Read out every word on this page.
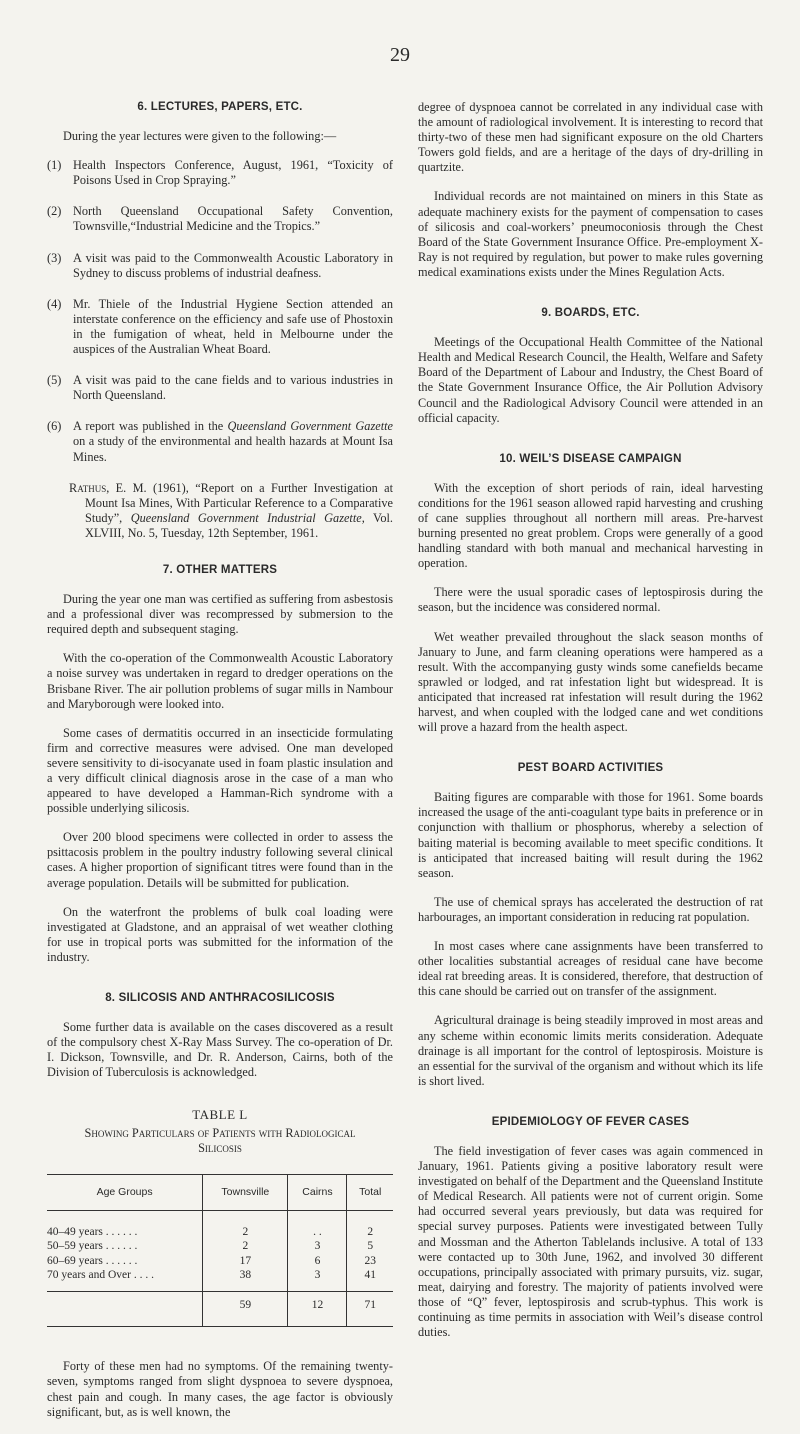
29
6. LECTURES, PAPERS, ETC.

During the year lectures were given to the following:—

(1) Health Inspectors Conference, August, 1961, “Toxicity of Poisons Used in Crop Spraying.”
(2) North Queensland Occupational Safety Convention, Townsville,“Industrial Medicine and the Tropics.”
(3) A visit was paid to the Commonwealth Acoustic Laboratory in Sydney to discuss problems of industrial deafness.
(4) Mr. Thiele of the Industrial Hygiene Section attended an interstate conference on the efficiency and safe use of Phostoxin in the fumigation of wheat, held in Melbourne under the auspices of the Australian Wheat Board.
(5) A visit was paid to the cane fields and to various industries in North Queensland.
(6) A report was published in the Queensland Government Gazette on a study of the environmental and health hazards at Mount Isa Mines.
Rathus, E. M. (1961), “Report on a Further Investigation at Mount Isa Mines, With Particular Reference to a Comparative Study”, Queensland Government Industrial Gazette, Vol. XLVIII, No. 5, Tuesday, 12th September, 1961.
7. OTHER MATTERS

During the year one man was certified as suffering from asbestosis and a professional diver was recompressed by submersion to the required depth and subsequent staging.

With the co-operation of the Commonwealth Acoustic Laboratory a noise survey was undertaken in regard to dredger operations on the Brisbane River. The air pollution problems of sugar mills in Nambour and Maryborough were looked into.

Some cases of dermatitis occurred in an insecticide formulating firm and corrective measures were advised. One man developed severe sensitivity to di-isocyanate used in foam plastic insulation and a very difficult clinical diagnosis arose in the case of a man who appeared to have developed a Hamman-Rich syndrome with a possible underlying silicosis.

Over 200 blood specimens were collected in order to assess the psittacosis problem in the poultry industry following several clinical cases. A higher proportion of significant titres were found than in the average population. Details will be submitted for publication.

On the waterfront the problems of bulk coal loading were investigated at Gladstone, and an appraisal of wet weather clothing for use in tropical ports was submitted for the information of the industry.

8. SILICOSIS AND ANTHRACOSILICOSIS

Some further data is available on the cases discovered as a result of the compulsory chest X-Ray Mass Survey. The co-operation of Dr. I. Dickson, Townsville, and Dr. R. Anderson, Cairns, both of the Division of Tuberculosis is acknowledged.

TABLE L
Showing Particulars of Patients with Radiological
Silicosis
Age Groups	Townsville	Cairns	Total
40–49 years . . . . . .	2	. .	2
50–59 years . . . . . .	2	3	5
60–69 years . . . . . .	17	6	23
70 years and Over . . . .	38	3	41

	59	12	71

Forty of these men had no symptoms. Of the remaining twenty-seven, symptoms ranged from slight dyspnoea to severe dyspnoea, chest pain and cough. In many cases, the age factor is obviously significant, but, as is well known, the

degree of dyspnoea cannot be correlated in any individual case with the amount of radiological involvement. It is interesting to record that thirty-two of these men had significant exposure on the old Charters Towers gold fields, and are a heritage of the days of dry-drilling in quartzite.

Individual records are not maintained on miners in this State as adequate machinery exists for the payment of compensation to cases of silicosis and coal-workers’ pneumoconiosis through the Chest Board of the State Government Insurance Office. Pre-employment X-Ray is not required by regulation, but power to make rules governing medical examinations exists under the Mines Regulation Acts.

9. BOARDS, ETC.

Meetings of the Occupational Health Committee of the National Health and Medical Research Council, the Health, Welfare and Safety Board of the Department of Labour and Industry, the Chest Board of the State Government Insurance Office, the Air Pollution Advisory Council and the Radiological Advisory Council were attended in an official capacity.

10. WEIL’S DISEASE CAMPAIGN

With the exception of short periods of rain, ideal harvesting conditions for the 1961 season allowed rapid harvesting and crushing of cane supplies throughout all northern mill areas. Pre-harvest burning presented no great problem. Crops were generally of a good handling standard with both manual and mechanical harvesting in operation.

There were the usual sporadic cases of leptospirosis during the season, but the incidence was considered normal.

Wet weather prevailed throughout the slack season months of January to June, and farm cleaning operations were hampered as a result. With the accompanying gusty winds some canefields became sprawled or lodged, and rat infestation light but widespread. It is anticipated that increased rat infestation will result during the 1962 harvest, and when coupled with the lodged cane and wet conditions will prove a hazard from the health aspect.

PEST BOARD ACTIVITIES

Baiting figures are comparable with those for 1961. Some boards increased the usage of the anti-coagulant type baits in preference or in conjunction with thallium or phosphorus, whereby a selection of baiting material is becoming available to meet specific conditions. It is anticipated that increased baiting will result during the 1962 season.

The use of chemical sprays has accelerated the destruction of rat harbourages, an important consideration in reducing rat population.

In most cases where cane assignments have been transferred to other localities substantial acreages of residual cane have become ideal rat breeding areas. It is considered, therefore, that destruction of this cane should be carried out on transfer of the assignment.

Agricultural drainage is being steadily improved in most areas and any scheme within economic limits merits consideration. Adequate drainage is all important for the control of leptospirosis. Moisture is an essential for the survival of the organism and without which its life is short lived.

EPIDEMIOLOGY OF FEVER CASES

The field investigation of fever cases was again commenced in January, 1961. Patients giving a positive laboratory result were investigated on behalf of the Department and the Queensland Institute of Medical Research. All patients were not of current origin. Some had occurred several years previously, but data was required for special survey purposes. Patients were investigated between Tully and Mossman and the Atherton Tablelands inclusive. A total of 133 were contacted up to 30th June, 1962, and involved 30 different occupations, principally associated with primary pursuits, viz. sugar, meat, dairying and forestry. The majority of patients involved were those of “Q” fever, leptospirosis and scrub-typhus. This work is continuing as time permits in association with Weil’s disease control duties.
